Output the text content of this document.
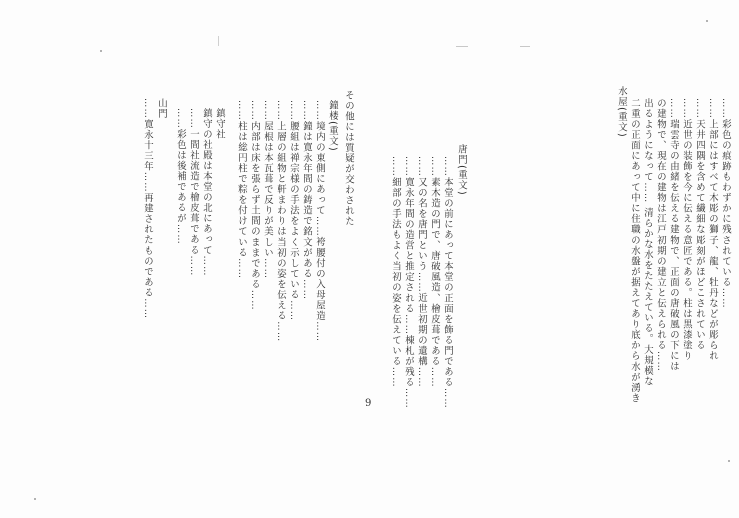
水屋(重文) 二重の正面にあって中に住職の水盤が据えてあり底から水が湧き 出るようになって…… 清らかな水をたたえている。大規模な の建物で、現在の建物は江戸初期の建立と伝えられる…… ……瑞雲寺の由緒を伝える建物で、正面の唐破風の下には ……近世の装飾を今に伝える意匠である。柱は黒漆塗り ……天井四隅を含めて繊細な彫刻がほどこされている ……上部にはすべて木彫の獅子、龍、牡丹などが彫られ ……彩色の痕跡もわずかに残されている……
唐門(重文)
……本堂の前にあって本堂の正面を飾る門である……
……素木造の門で、唐破風造、檜皮葺である……
……又の名を唐門という……近世初期の遺構……
……寛永年間の造営と推定される……棟札が残る……
……細部の手法もよく当初の姿を伝えている……
その他には質疑が交わされた
鐘楼(重文)
……境内の東側にあって……袴腰付の入母屋造……
……鐘は寛永年間の鋳造で銘文がある……
……腰組は禅宗様の手法をよく示している……
……上層の組物と軒まわりは当初の姿を伝える……
……屋根は本瓦葺で反りが美しい……
……内部は床を張らず土間のままである……
……柱は総円柱で粽を付けている……
鎮守社
鎮守の社殿は本堂の北にあって……
……一間社流造で檜皮葺である……
……彩色は後補であるが……
山門
……寛永十三年……再建されたものである……
9
